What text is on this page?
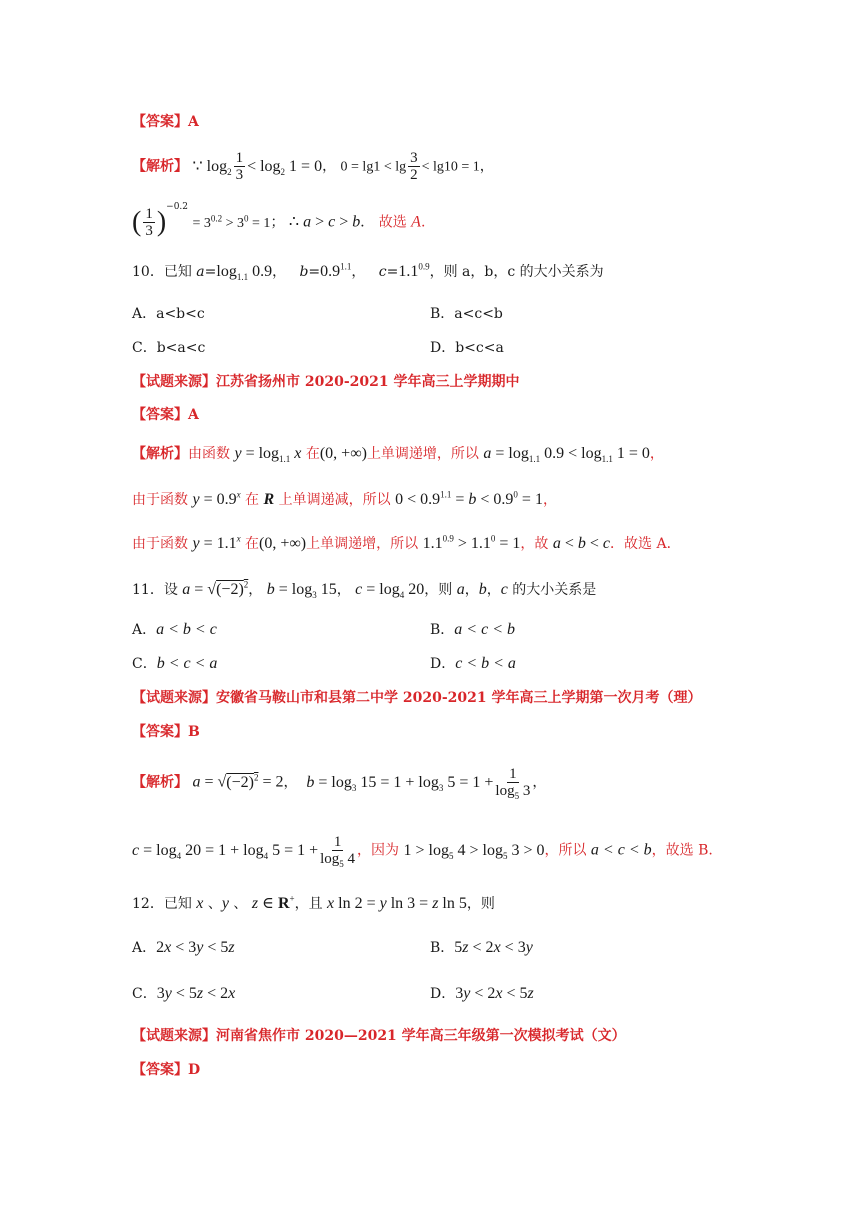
【答案】A
【解析】 ∵ $\log_2 \frac{1}{3} < \log_2 1 = 0$， $0 = \lg 1 < \lg \frac{3}{2} < \lg 10 = 1$，
( $\frac{1}{3} )^{-0.2} = 3^{0.2} > 3^0 = 1$； ∴ a > c > b． 故选 A.
10．已知 $a=\log_{1.1}$ 0.9，   $b=0.9^{1.1}$，   $c=1.1^{0.9}$，则 a，b，c 的大小关系为
A．a<b<c	B．a<c<b
C．b<a<c	D．b<c<a
【试题来源】江苏省扬州市 2020-2021 学年高三上学期期中
【答案】A
【解析】由函数 $y = \log_{1.1} x$ 在(0, +∞)上单调递增，所以 $a = \log_{1.1} 0.9 < \log_{1.1} 1 = 0$，
由于函数 $y = 0.9^x$ 在 R 上单调递减，所以 $0 < 0.9^{1.1} = b < 0.9^0 = 1$，
由于函数 $y = 1.1^x$ 在(0, +∞)上单调递增，所以 $1.1^{0.9} > 1.1^0 = 1$，故 a < b < c．故选 A．
11．设 $a = √(-2)^2$， $b = \log_3 15$， $c = \log_4 20$，则 a，b，c 的大小关系是
A．a < b < c	B．a < c < b
C．b < c < a	D．c < b < a
【试题来源】安徽省马鞍山市和县第二中学 2020-2021 学年高三上学期第一次月考（理）
【答案】B
【解析】 $a = √(-2)^2 = 2$，  $b = \log_3 15 = 1 + \log_3 5 = 1 + \frac{1}{\log_5 3}$ ，
$c = \log_4 20 = 1 + \log_4 5 = 1 + \frac{1}{\log_5 4}$ ，因为 $1 > \log_5 4 > \log_5 3 > 0$，所以 a < c < b，故选 B.
12．已知 x 、y 、 z ∈ R+，且 x ln 2 = y ln 3 = z ln 5，则
A．2x < 3y < 5z	B．5z < 2x < 3y
C．3y < 5z < 2x	D．3y < 2x < 5z
【试题来源】河南省焦作市 2020—2021 学年高三年级第一次模拟考试（文）
【答案】D
